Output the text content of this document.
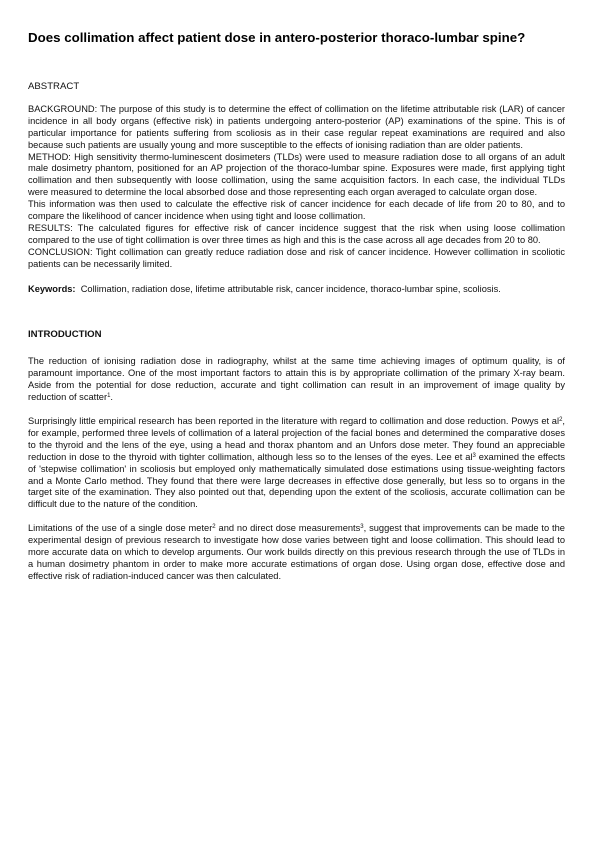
Does collimation affect patient dose in antero-posterior thoraco-lumbar spine?
ABSTRACT

BACKGROUND: The purpose of this study is to determine the effect of collimation on the lifetime attributable risk (LAR) of cancer incidence in all body organs (effective risk) in patients undergoing antero-posterior (AP) examinations of the spine. This is of particular importance for patients suffering from scoliosis as in their case regular repeat examinations are required and also because such patients are usually young and more susceptible to the effects of ionising radiation than are older patients.

METHOD: High sensitivity thermo-luminescent dosimeters (TLDs) were used to measure radiation dose to all organs of an adult male dosimetry phantom, positioned for an AP projection of the thoraco-lumbar spine. Exposures were made, first applying tight collimation and then subsequently with loose collimation, using the same acquisition factors. In each case, the individual TLDs were measured to determine the local absorbed dose and those representing each organ averaged to calculate organ dose.

This information was then used to calculate the effective risk of cancer incidence for each decade of life from 20 to 80, and to compare the likelihood of cancer incidence when using tight and loose collimation.

RESULTS: The calculated figures for effective risk of cancer incidence suggest that the risk when using loose collimation compared to the use of tight collimation is over three times as high and this is the case across all age decades from 20 to 80.

CONCLUSION: Tight collimation can greatly reduce radiation dose and risk of cancer incidence. However collimation in scoliotic patients can be necessarily limited.

Keywords: Collimation, radiation dose, lifetime attributable risk, cancer incidence, thoraco-lumbar spine, scoliosis.

INTRODUCTION

The reduction of ionising radiation dose in radiography, whilst at the same time achieving images of optimum quality, is of paramount importance. One of the most important factors to attain this is by appropriate collimation of the primary X-ray beam. Aside from the potential for dose reduction, accurate and tight collimation can result in an improvement of image quality by reduction of scatter$^1$.

Surprisingly little empirical research has been reported in the literature with regard to collimation and dose reduction. Powys et $al^2$, for example, performed three levels of collimation of a lateral projection of the facial bones and determined the comparative doses to the thyroid and the lens of the eye, using a head and thorax phantom and an Unfors dose meter. They found an appreciable reduction in dose to the thyroid with tighter collimation, although less so to the lenses of the eyes. Lee et $al^3$ examined the effects of 'stepwise collimation' in scoliosis but employed only mathematically simulated dose estimations using tissue-weighting factors and a Monte Carlo method. They found that there were large decreases in effective dose generally, but less so to organs in the target site of the examination. They also pointed out that, depending upon the extent of the scoliosis, accurate collimation can be difficult due to the nature of the condition.

Limitations of the use of a single dose meter$^2$ and no direct dose measurements$^3$, suggest that improvements can be made to the experimental design of previous research to investigate how dose varies between tight and loose collimation. This should lead to more accurate data on which to develop arguments. Our work builds directly on this previous research through the use of TLDs in a human dosimetry phantom in order to make more accurate estimations of organ dose. Using organ dose, effective dose and effective risk of radiation-induced cancer was then calculated.
